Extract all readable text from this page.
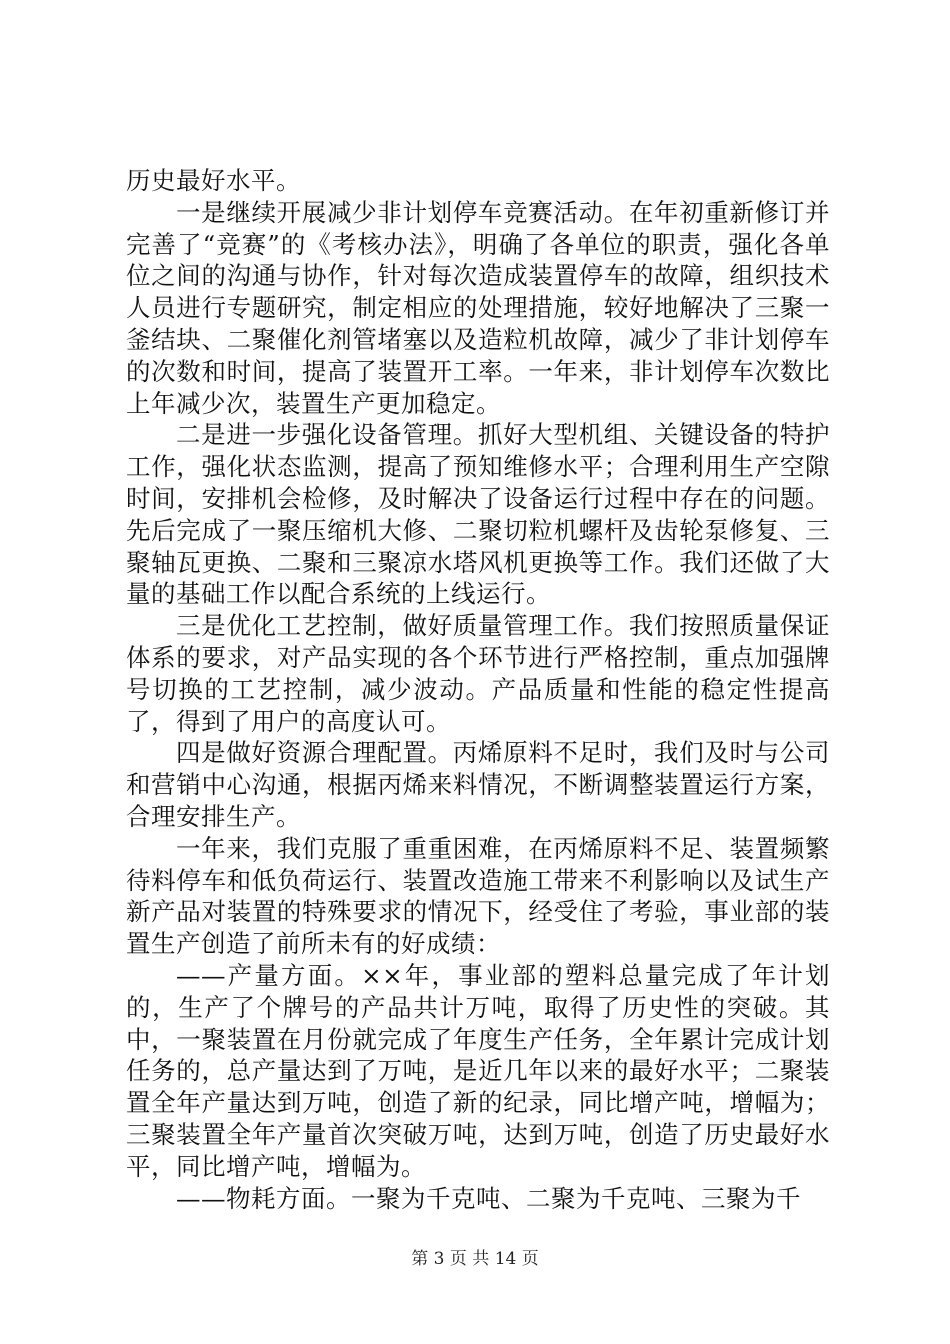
历史最好水平。

一是继续开展减少非计划停车竞赛活动。在年初重新修订并完善了“竞赛”的《考核办法》，明确了各单位的职责，强化各单位之间的沟通与协作，针对每次造成装置停车的故障，组织技术人员进行专题研究，制定相应的处理措施，较好地解决了三聚一釜结块、二聚催化剂管堵塞以及造粒机故障，减少了非计划停车的次数和时间，提高了装置开工率。一年来，非计划停车次数比上年减少次，装置生产更加稳定。

二是进一步强化设备管理。抓好大型机组、关键设备的特护工作，强化状态监测，提高了预知维修水平；合理利用生产空隙时间，安排机会检修，及时解决了设备运行过程中存在的问题。先后完成了一聚压缩机大修、二聚切粒机螺杆及齿轮泵修复、三聚轴瓦更换、二聚和三聚凉水塔风机更换等工作。我们还做了大量的基础工作以配合系统的上线运行。

三是优化工艺控制，做好质量管理工作。我们按照质量保证体系的要求，对产品实现的各个环节进行严格控制，重点加强牌号切换的工艺控制，减少波动。产品质量和性能的稳定性提高了，得到了用户的高度认可。

四是做好资源合理配置。丙烯原料不足时，我们及时与公司和营销中心沟通，根据丙烯来料情况，不断调整装置运行方案，合理安排生产。

一年来，我们克服了重重困难，在丙烯原料不足、装置频繁待料停车和低负荷运行、装置改造施工带来不利影响以及试生产新产品对装置的特殊要求的情况下，经受住了考验，事业部的装置生产创造了前所未有的好成绩：

——产量方面。××年，事业部的塑料总量完成了年计划的，生产了个牌号的产品共计万吨，取得了历史性的突破。其中，一聚装置在月份就完成了年度生产任务，全年累计完成计划任务的，总产量达到了万吨，是近几年以来的最好水平；二聚装置全年产量达到万吨，创造了新的纪录，同比增产吨，增幅为；三聚装置全年产量首次突破万吨，达到万吨，创造了历史最好水平，同比增产吨，增幅为。

——物耗方面。一聚为千克吨、二聚为千克吨、三聚为千

第 3 页 共 14 页
